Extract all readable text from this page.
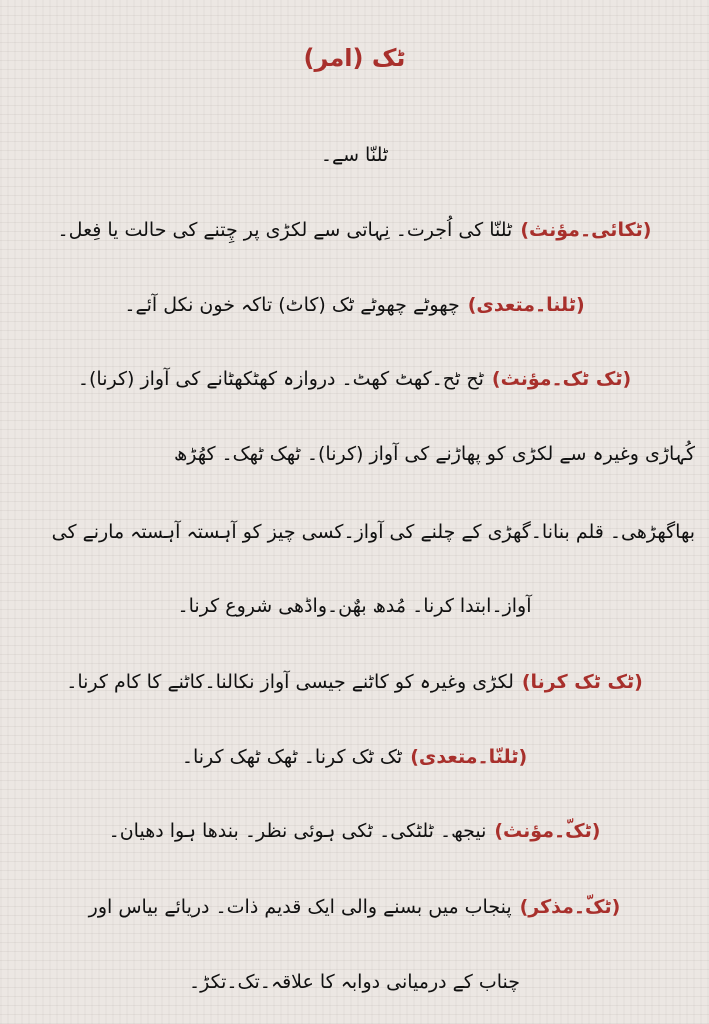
ٹک (امر)
ٹلنّا سے۔
(ٹکائی۔مؤنث)ٹلنّا کی اُجرت۔ نِہاتی سے لکڑی پر چِتنے کی حالت یا فِعل۔
(ٹلنا۔متعدی)چھوٹے چھوٹے ٹک (کاٹ) تاکہ خون نکل آئے۔
(ٹک ٹک۔مؤنث)ٹح ٹح۔کھٹ کھٹ۔ دروازہ کھٹکھٹانے کی آواز (کرنا)۔
کُہاڑی وغیرہ سے لکڑی کو پھاڑنے کی آواز (کرنا)۔ ٹھک ٹھک۔ کھُڑھ
بھاگھڑھی۔ قلم بنانا۔گھڑی کے چلنے کی آواز۔کسی چیز کو آہستہ آہستہ مارنے کی
آواز۔ابتدا کرنا۔ مُدھ بھٌن۔واڈھی شروع کرنا۔
(ٹک ٹک کرنا)لکڑی وغیرہ کو کاٹنے جیسی آواز نکالنا۔کاٹنے کا کام کرنا۔
(ٹلنّا۔متعدی)ٹک ٹک کرنا۔ ٹھک ٹھک کرنا۔
(ٹکّ۔مؤنث)نیجھ۔ ٹلٹکی۔ ٹکی ہوئی نظر۔ بندھا ہوا دھیان۔
(ٹکّ۔مذکر)پنجاب میں بسنے والی ایک قدیم ذات۔ دریائے بیاس اور
چناب کے درمیانی دوابہ کا علاقہ۔تک۔تکڑ۔
